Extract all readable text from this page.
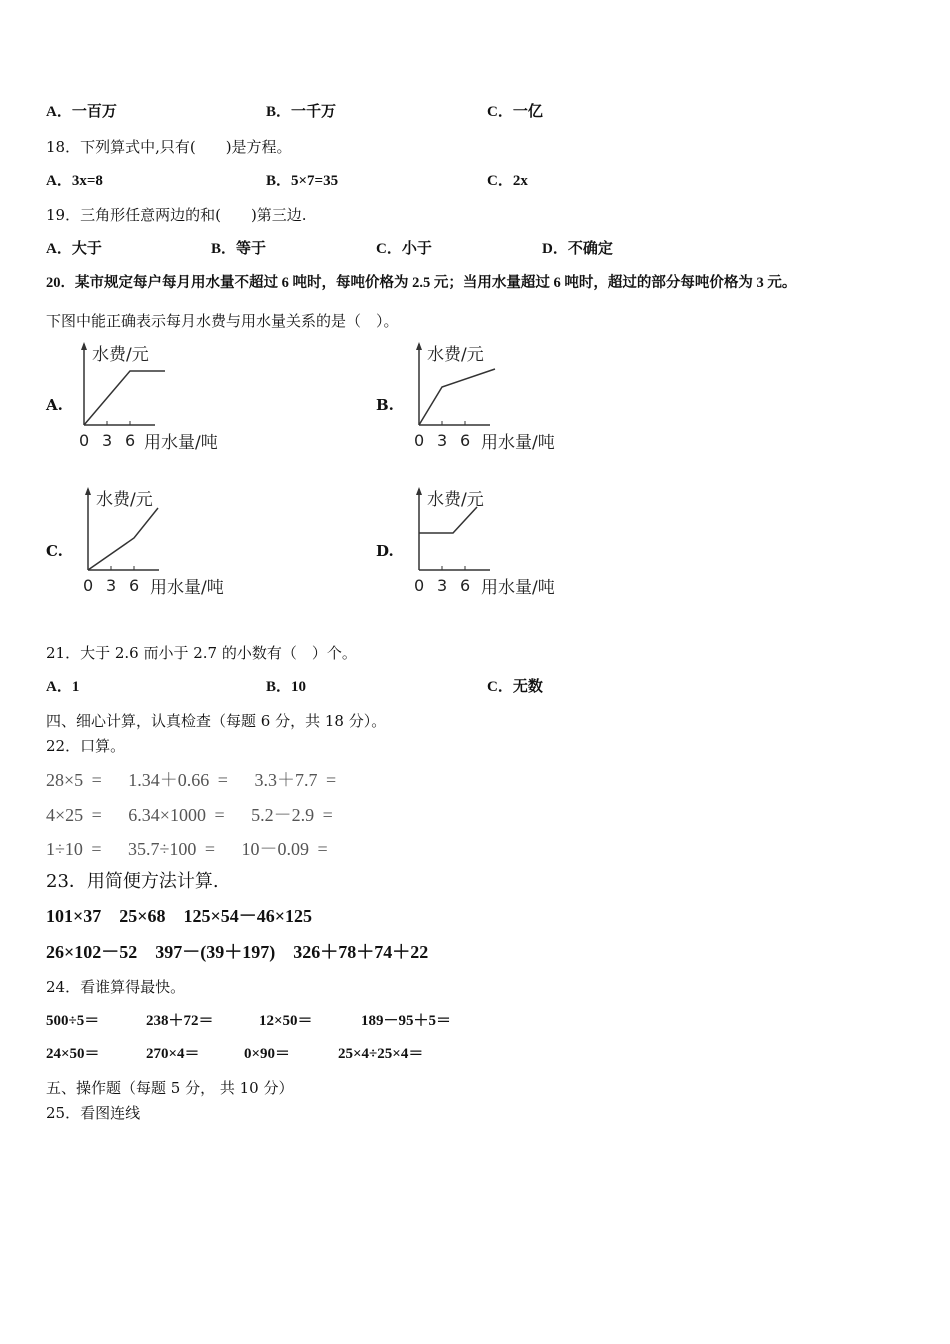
A．一百万	B．一千万	C．一亿
18．下列算式中,只有(　　)是方程。
A．3x=8	B．5×7=35	C．2x
19．三角形任意两边的和(　　)第三边.
A．大于	B．等于	C．小于	D．不确定
20．某市规定每户每月用水量不超过 6 吨时，每吨价格为 2.5 元；当用水量超过 6 吨时，超过的部分每吨价格为 3 元。
下图中能正确表示每月水费与用水量关系的是（　）。
A.
水费/元
0 3 6 用水量/吨
B.
水费/元
0 3 6 用水量/吨
C.
水费/元
0 3 6 用水量/吨
D.
水费/元
0 3 6 用水量/吨
21．大于 2.6 而小于 2.7 的小数有（　）个。
A．1	B．10	C．无数
四、细心计算，认真检查（每题 6 分，共 18 分）。
22．口算。
28×5 =　 1.34＋0.66 =　 3.3＋7.7 =
4×25 =　 6.34×1000 =　 5.2－2.9 =
1÷10 =　 35.7÷100 =　 10－0.09 =
23．用简便方法计算.
101×37　25×68　125×54－46×125
26×102－52　397－(39＋197)　326＋78＋74＋22
24．看谁算得最快。
500÷5＝	238＋72＝	12×50＝	189－95＋5＝
24×50＝	270×4＝	0×90＝	25×4÷25×4＝
五、操作题（每题 5 分， 共 10 分）
25．看图连线
